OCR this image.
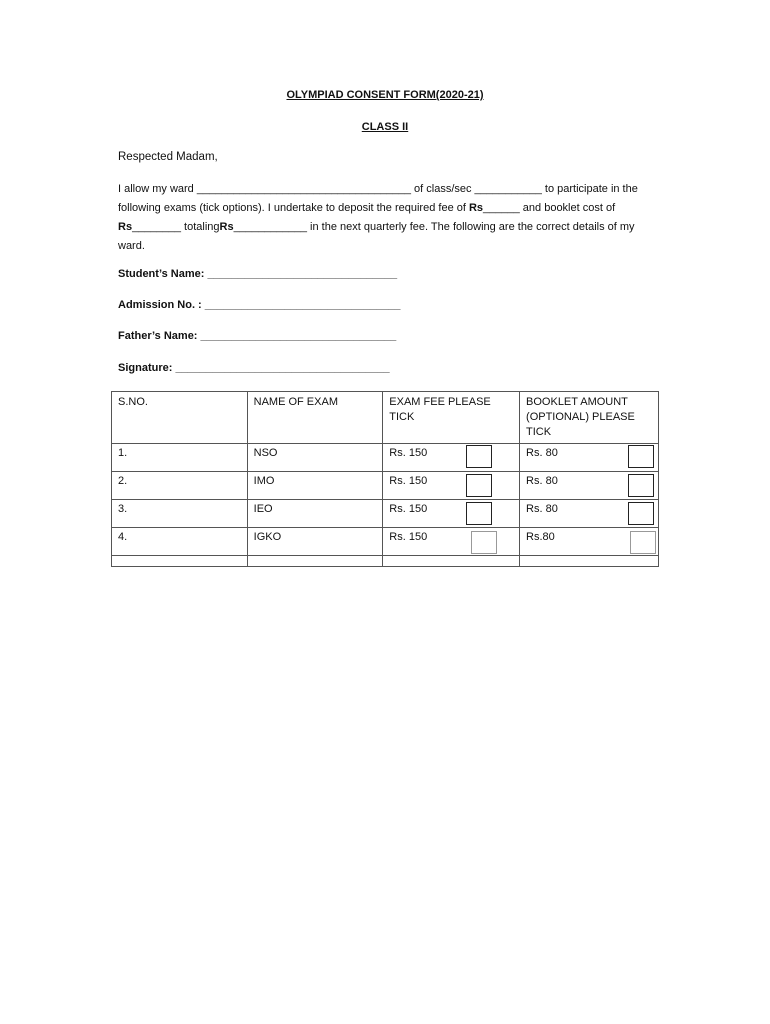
OLYMPIAD CONSENT FORM(2020-21)
CLASS II
Respected Madam,
I allow my ward ___________________________________ of class/sec ___________ to participate in the following exams (tick options). I undertake to deposit the required fee of Rs______ and booklet cost of Rs________ totalingRs____________ in the next quarterly fee. The following are the correct details of my ward.
Student’s Name: _______________________________
Admission No. : ________________________________
Father’s Name: ________________________________
Signature: ___________________________________
S.NO.	NAME OF EXAM	EXAM FEE PLEASE TICK	BOOKLET AMOUNT (OPTIONAL) PLEASE TICK
1.	NSO	Rs. 150	Rs. 80

2.	IMO	Rs. 150	Rs. 80

3.	IEO	Rs. 150	Rs. 80

4.	IGKO	Rs. 150	Rs.80
